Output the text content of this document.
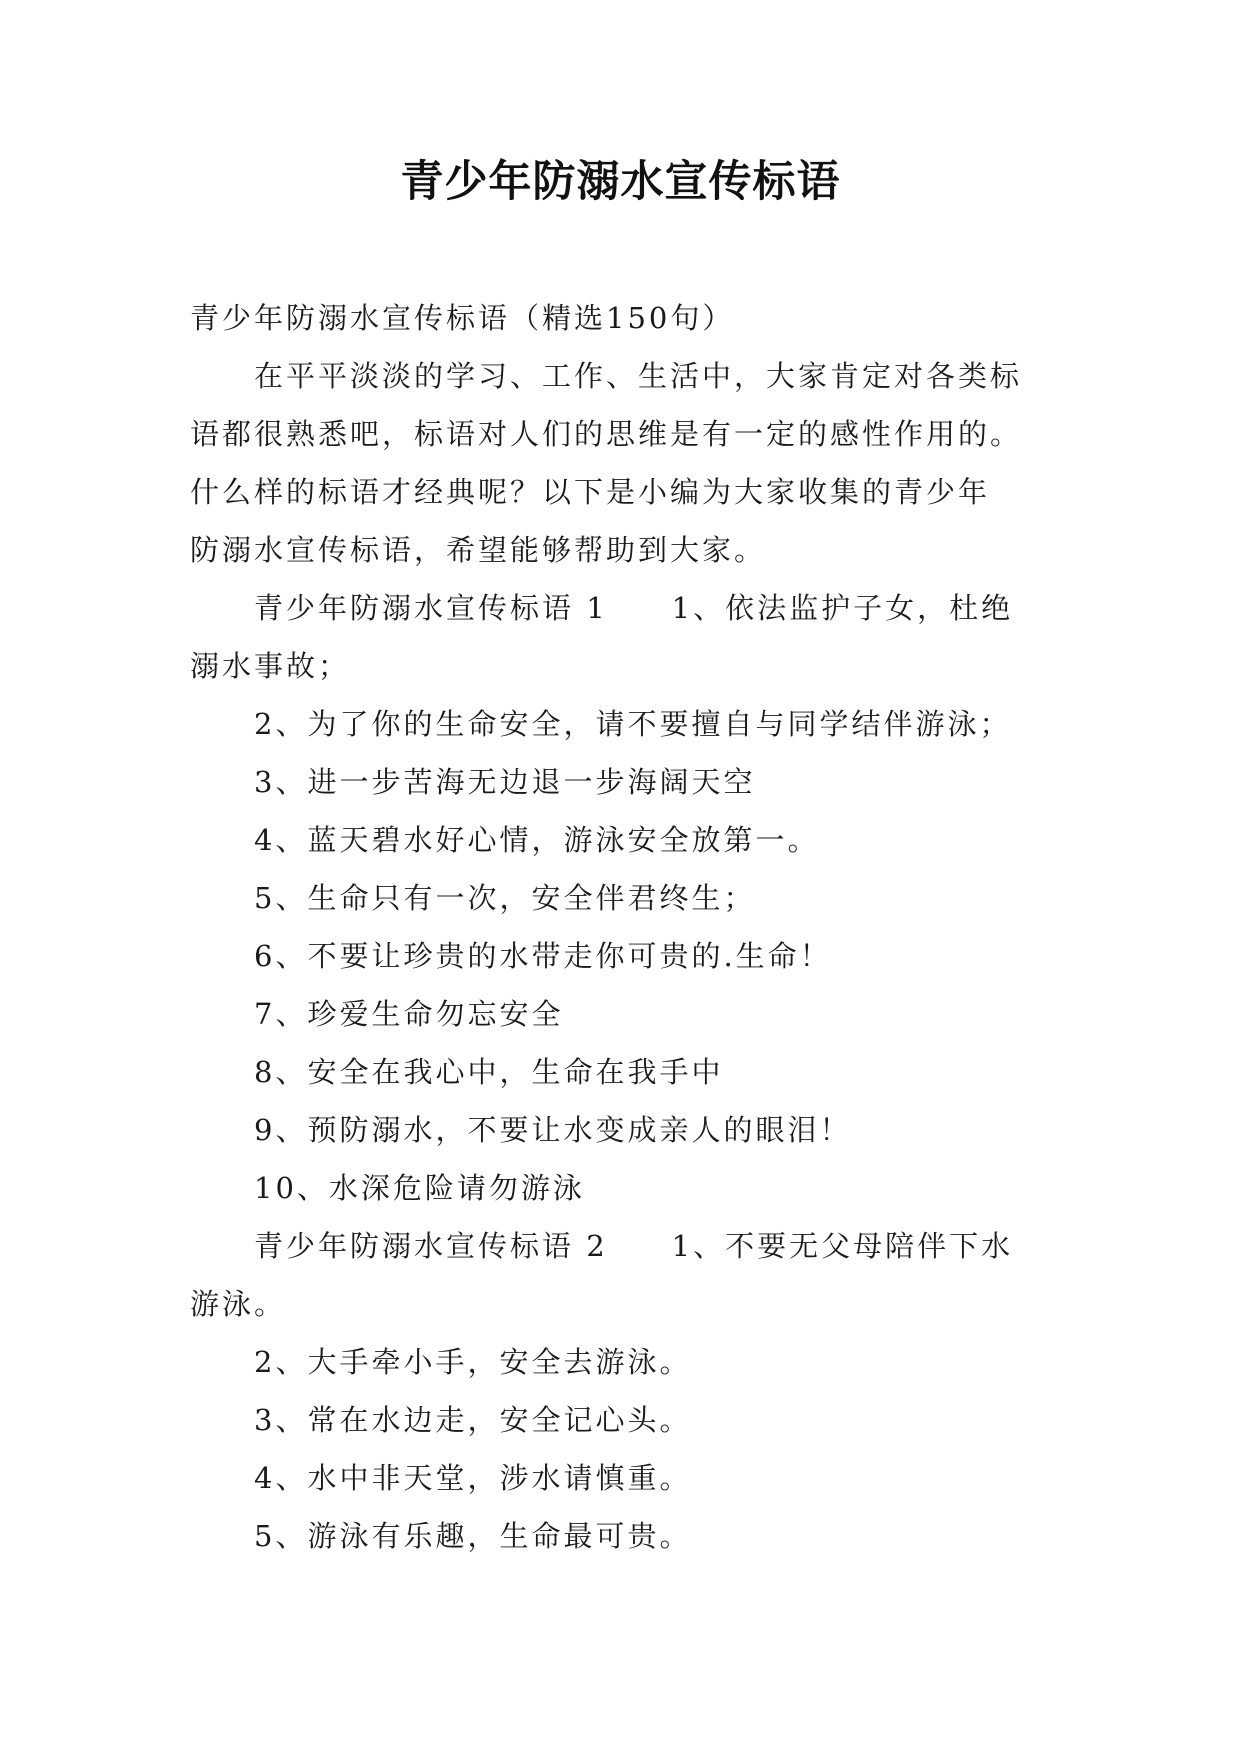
青少年防溺水宣传标语

青少年防溺水宣传标语（精选150句）

在平平淡淡的学习、工作、生活中，大家肯定对各类标
语都很熟悉吧，标语对人们的思维是有一定的感性作用的。
什么样的标语才经典呢？以下是小编为大家收集的青少年
防溺水宣传标语，希望能够帮助到大家。

青少年防溺水宣传标语 1　　1、依法监护子女，杜绝
溺水事故；

2、为了你的生命安全，请不要擅自与同学结伴游泳；
3、进一步苦海无边退一步海阔天空
4、蓝天碧水好心情，游泳安全放第一。
5、生命只有一次，安全伴君终生；
6、不要让珍贵的水带走你可贵的.生命！
7、珍爱生命勿忘安全
8、安全在我心中，生命在我手中
9、预防溺水，不要让水变成亲人的眼泪！
10、水深危险请勿游泳

青少年防溺水宣传标语 2　　1、不要无父母陪伴下水
游泳。

2、大手牵小手，安全去游泳。
3、常在水边走，安全记心头。
4、水中非天堂，涉水请慎重。
5、游泳有乐趣，生命最可贵。
